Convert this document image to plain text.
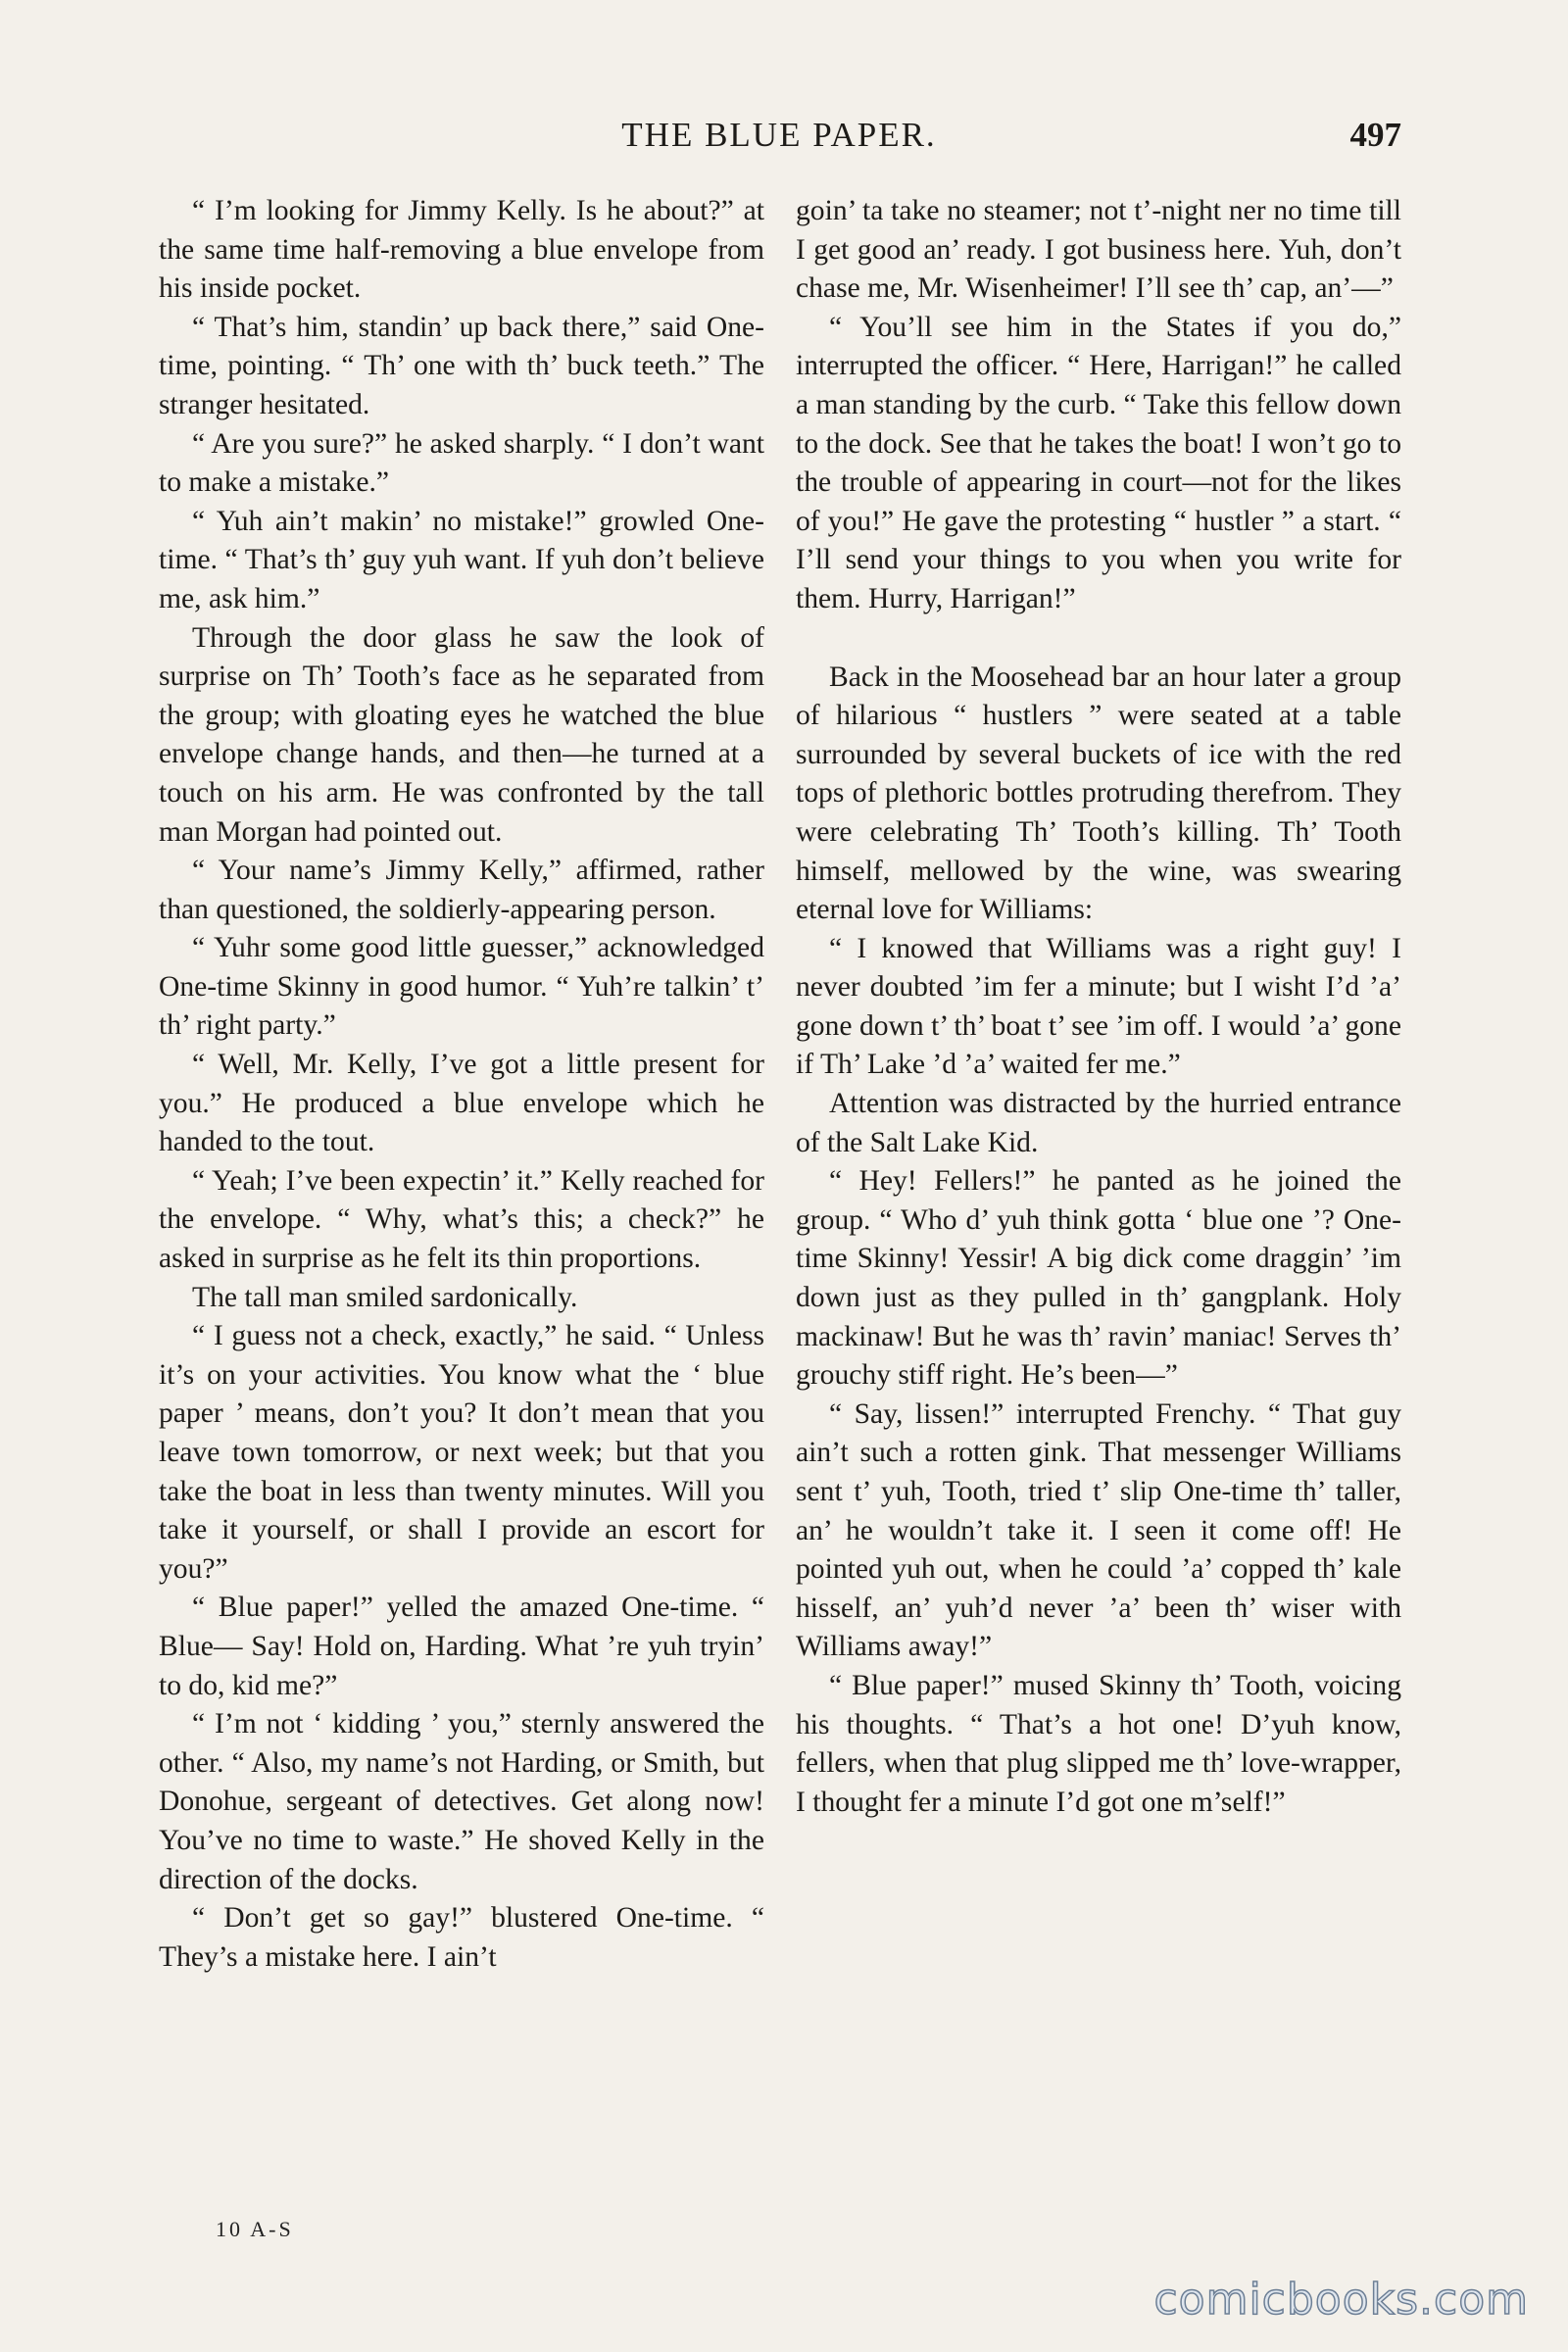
THE BLUE PAPER.	497

“ I’m looking for Jimmy Kelly. Is he about?” at the same time half-removing a blue envelope from his inside pocket.

“ That’s him, standin’ up back there,” said One-time, pointing. “ Th’ one with th’ buck teeth.” The stranger hesitated.

“ Are you sure?” he asked sharply. “ I don’t want to make a mistake.”

“ Yuh ain’t makin’ no mistake!” growled One-time. “ That’s th’ guy yuh want. If yuh don’t believe me, ask him.”

Through the door glass he saw the look of surprise on Th’ Tooth’s face as he separated from the group; with gloating eyes he watched the blue envelope change hands, and then—he turned at a touch on his arm. He was confronted by the tall man Morgan had pointed out.

“ Your name’s Jimmy Kelly,” affirmed, rather than questioned, the soldierly-appearing person.

“ Yuhr some good little guesser,” acknowledged One-time Skinny in good humor. “ Yuh’re talkin’ t’ th’ right party.”

“ Well, Mr. Kelly, I’ve got a little present for you.” He produced a blue envelope which he handed to the tout.

“ Yeah; I’ve been expectin’ it.” Kelly reached for the envelope. “ Why, what’s this; a check?” he asked in surprise as he felt its thin proportions.

The tall man smiled sardonically.

“ I guess not a check, exactly,” he said. “ Unless it’s on your activities. You know what the ‘ blue paper ’ means, don’t you? It don’t mean that you leave town tomorrow, or next week; but that you take the boat in less than twenty minutes. Will you take it yourself, or shall I provide an escort for you?”

“ Blue paper!” yelled the amazed One-time. “ Blue— Say! Hold on, Harding. What ’re yuh tryin’ to do, kid me?”

“ I’m not ‘ kidding ’ you,” sternly answered the other. “ Also, my name’s not Harding, or Smith, but Donohue, sergeant of detectives. Get along now! You’ve no time to waste.” He shoved Kelly in the direction of the docks.

“ Don’t get so gay!” blustered One-time. “ They’s a mistake here. I ain’t

goin’ ta take no steamer; not t’-night ner no time till I get good an’ ready. I got business here. Yuh, don’t chase me, Mr. Wisenheimer! I’ll see th’ cap, an’—”

“ You’ll see him in the States if you do,” interrupted the officer. “ Here, Harrigan!” he called a man standing by the curb. “ Take this fellow down to the dock. See that he takes the boat! I won’t go to the trouble of appearing in court—not for the likes of you!” He gave the protesting “ hustler ” a start. “ I’ll send your things to you when you write for them. Hurry, Harrigan!”

Back in the Moosehead bar an hour later a group of hilarious “ hustlers ” were seated at a table surrounded by several buckets of ice with the red tops of plethoric bottles protruding therefrom. They were celebrating Th’ Tooth’s killing. Th’ Tooth himself, mellowed by the wine, was swearing eternal love for Williams:

“ I knowed that Williams was a right guy! I never doubted ’im fer a minute; but I wisht I’d ’a’ gone down t’ th’ boat t’ see ’im off. I would ’a’ gone if Th’ Lake ’d ’a’ waited fer me.”

Attention was distracted by the hurried entrance of the Salt Lake Kid.

“ Hey! Fellers!” he panted as he joined the group. “ Who d’ yuh think gotta ‘ blue one ’? One-time Skinny! Yessir! A big dick come draggin’ ’im down just as they pulled in th’ gangplank. Holy mackinaw! But he was th’ ravin’ maniac! Serves th’ grouchy stiff right. He’s been—”

“ Say, lissen!” interrupted Frenchy. “ That guy ain’t such a rotten gink. That messenger Williams sent t’ yuh, Tooth, tried t’ slip One-time th’ taller, an’ he wouldn’t take it. I seen it come off! He pointed yuh out, when he could ’a’ copped th’ kale hisself, an’ yuh’d never ’a’ been th’ wiser with Williams away!”

“ Blue paper!” mused Skinny th’ Tooth, voicing his thoughts. “ That’s a hot one! D’yuh know, fellers, when that plug slipped me th’ love-wrapper, I thought fer a minute I’d got one m’self!”

10 A-S
comicbooks.com
